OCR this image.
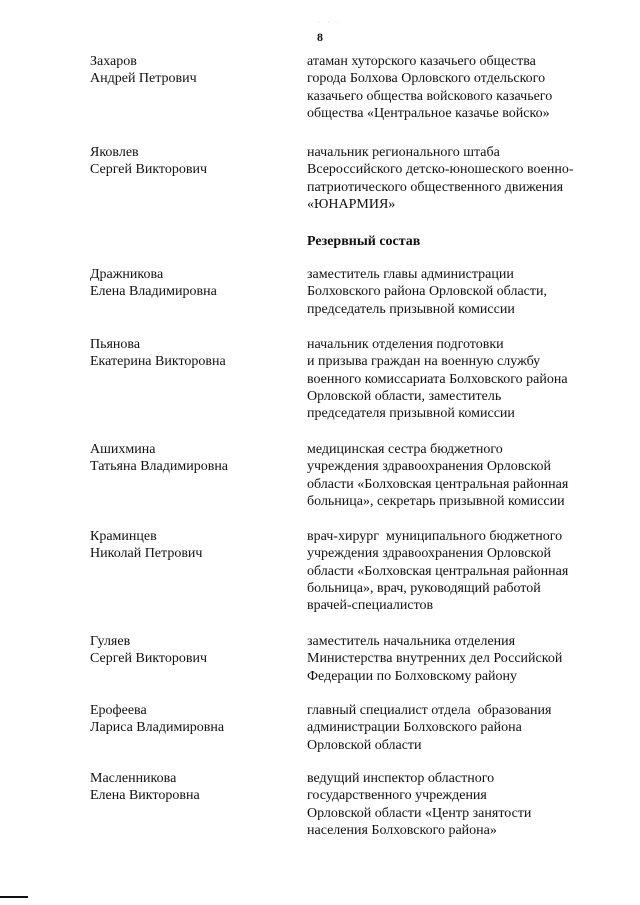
· · ·
8
Захаров
Андрей Петрович
атаман хуторского казачьего общества
города Болхова Орловского отдельского
казачьего общества войскового казачьего
общества «Центральное казачье войско»
Яковлев
Сергей Викторович
начальник регионального штаба
Всероссийского детско-юношеского военно-
патриотического общественного движения
«ЮНАРМИЯ»
Резервный состав
Дражникова
Елена Владимировна
заместитель главы администрации
Болховского района Орловской области,
председатель призывной комиссии
Пьянова
Екатерина Викторовна
начальник отделения подготовки
и призыва граждан на военную службу
военного комиссариата Болховского района
Орловской области, заместитель
председателя призывной комиссии
Ашихмина
Татьяна Владимировна
медицинская сестра бюджетного
учреждения здравоохранения Орловской
области «Болховская центральная районная
больница», секретарь призывной комиссии
Краминцев
Николай Петрович
врач-хирург  муниципального бюджетного
учреждения здравоохранения Орловской
области «Болховская центральная районная
больница», врач, руководящий работой
врачей-специалистов
Гуляев
Сергей Викторович
заместитель начальника отделения
Министерства внутренних дел Российской
Федерации по Болховскому району
Ерофеева
Лариса Владимировна
главный специалист отдела  образования
администрации Болховского района
Орловской области
Масленникова
Елена Викторовна
ведущий инспектор областного
государственного учреждения
Орловской области «Центр занятости
населения Болховского района»
